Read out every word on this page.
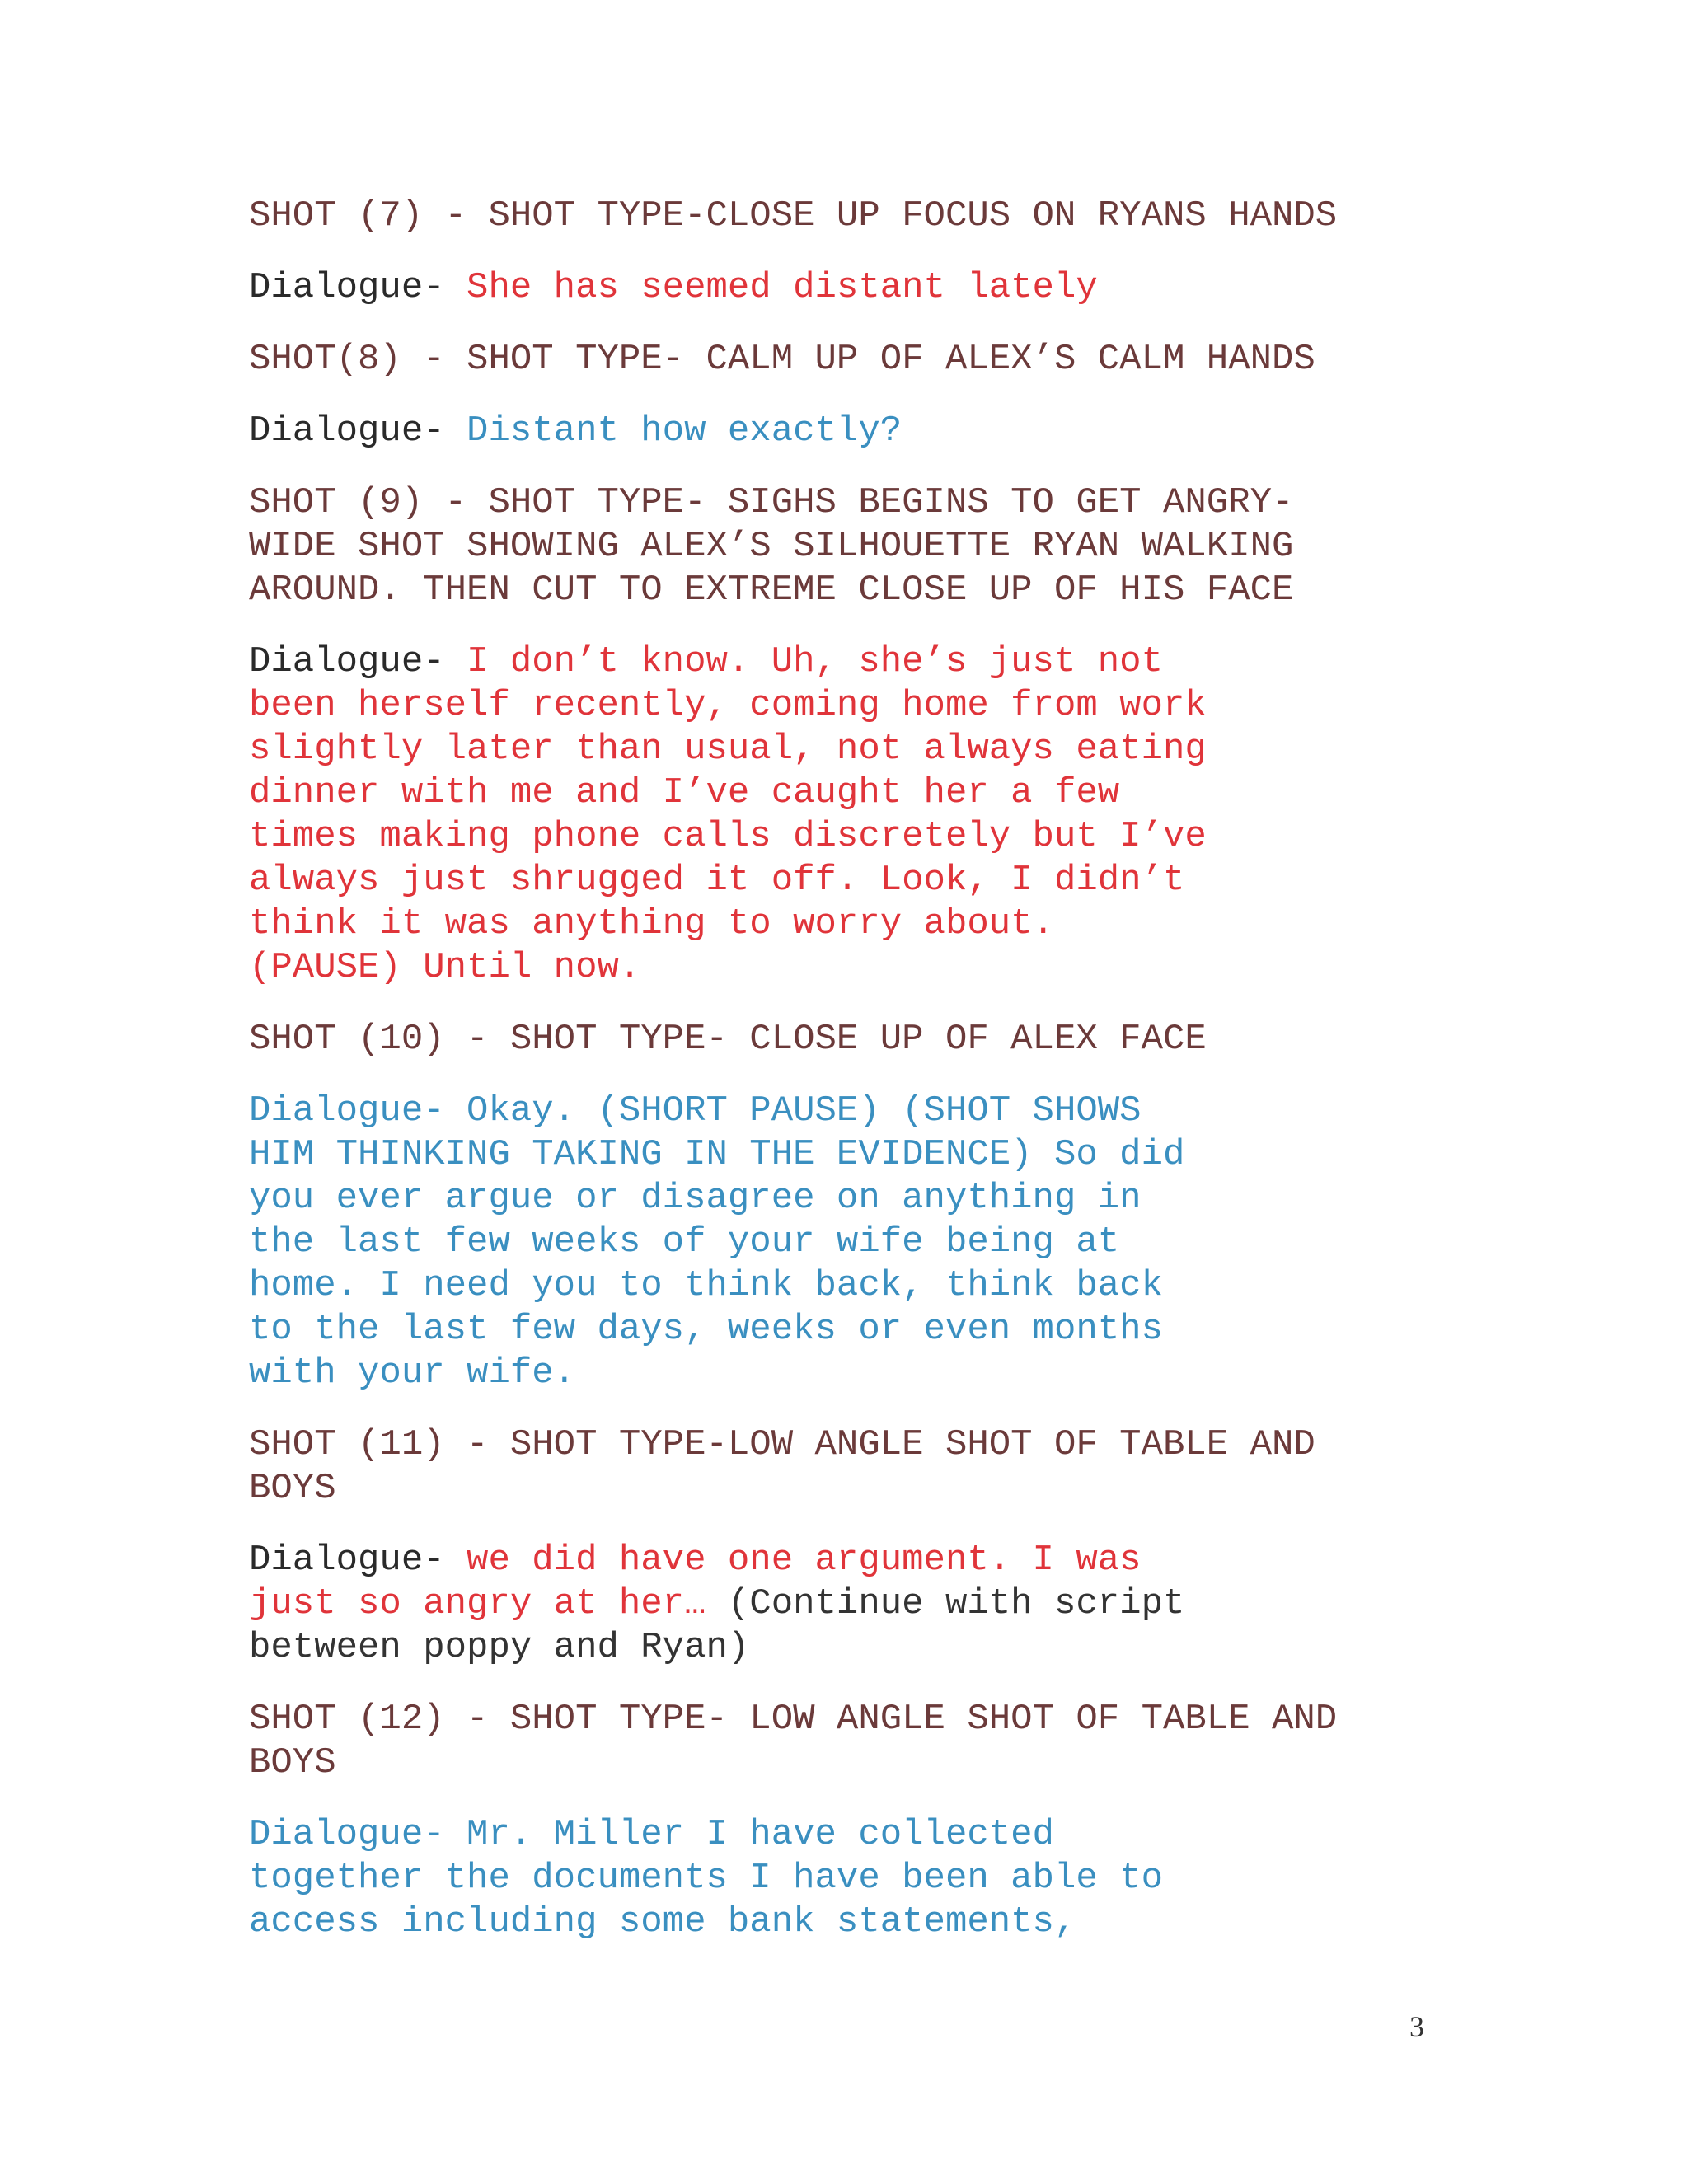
SHOT (7) - SHOT TYPE-CLOSE UP FOCUS ON RYANS HANDS
Dialogue- She has seemed distant lately
SHOT(8) - SHOT TYPE- CALM UP OF ALEX’S CALM HANDS
Dialogue- Distant how exactly?
SHOT (9) - SHOT TYPE- SIGHS BEGINS TO GET ANGRY-
WIDE SHOT SHOWING ALEX’S SILHOUETTE RYAN WALKING
AROUND. THEN CUT TO EXTREME CLOSE UP OF HIS FACE
Dialogue- I don’t know. Uh, she’s just not
been herself recently, coming home from work
slightly later than usual, not always eating
dinner with me and I’ve caught her a few
times making phone calls discretely but I’ve
always just shrugged it off. Look, I didn’t
think it was anything to worry about.
(PAUSE) Until now.
SHOT (10) - SHOT TYPE- CLOSE UP OF ALEX FACE
Dialogue- Okay. (SHORT PAUSE) (SHOT SHOWS
HIM THINKING TAKING IN THE EVIDENCE) So did
you ever argue or disagree on anything in
the last few weeks of your wife being at
home. I need you to think back, think back
to the last few days, weeks or even months
with your wife.
SHOT (11) - SHOT TYPE-LOW ANGLE SHOT OF TABLE AND
BOYS
Dialogue- we did have one argument. I was
just so angry at her… (Continue with script
between poppy and Ryan)
SHOT (12) - SHOT TYPE- LOW ANGLE SHOT OF TABLE AND
BOYS
Dialogue- Mr. Miller I have collected
together the documents I have been able to
access including some bank statements,
3
